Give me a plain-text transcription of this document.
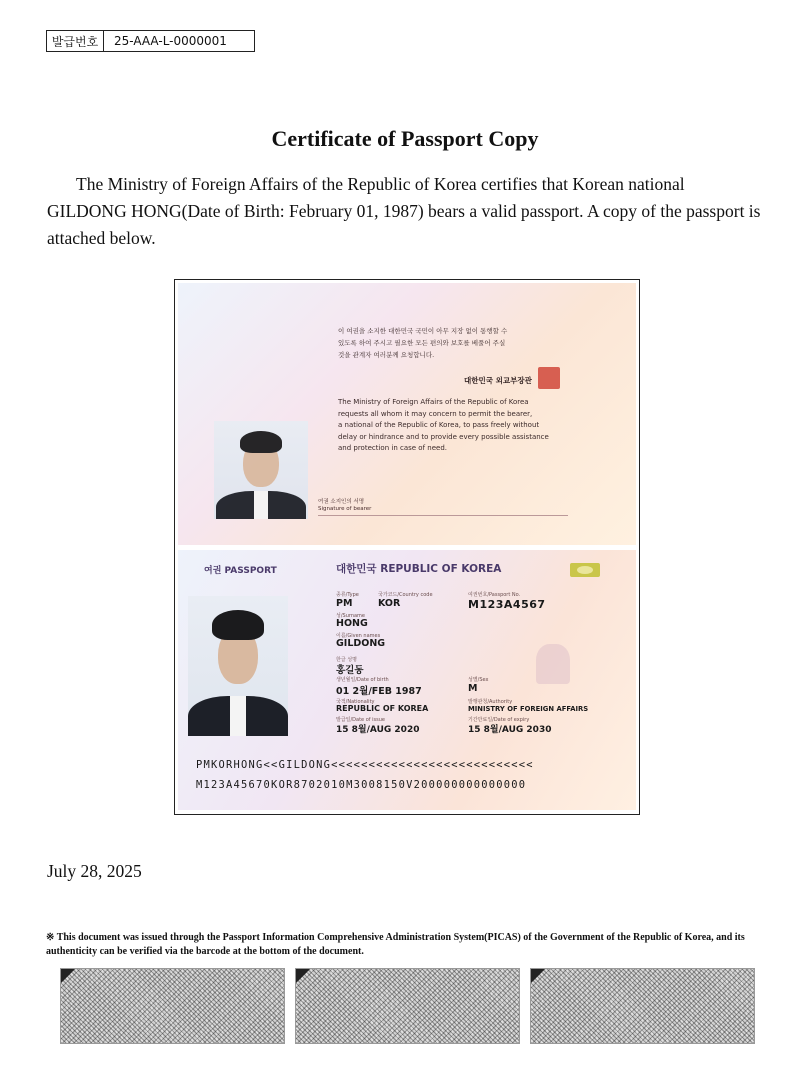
발급번호	25-AAA-L-0000001
Certificate of Passport Copy

The Ministry of Foreign Affairs of the Republic of Korea certifies that Korean national GILDONG HONG(Date of Birth: February 01, 1987) bears a valid passport. A copy of the passport is attached below.

이 여권을 소지한 대한민국 국민이 아무 지장 없이 통행할 수
있도록 하여 주시고 필요한 모든 편의와 보호를 베풀어 주실
것을 관계자 여러분께 요청합니다.
대한민국 외교부장관
The Ministry of Foreign Affairs of the Republic of Korea
requests all whom it may concern to permit the bearer,
a national of the Republic of Korea, to pass freely without
delay or hindrance and to provide every possible assistance
and protection in case of need.
여권 소지인의 서명
Signature of bearer
여권 PASSPORT	대한민국 REPUBLIC OF KOREA
종류/Type
PM
국가코드/Country code
KOR
여권번호/Passport No.
M123A4567
성/Surname
HONG
이름/Given names
GILDONG
한글 성명
홍길동
생년월일/Date of birth
01 2월/FEB 1987
성별/Sex
M
국적/Nationality
REPUBLIC OF KOREA
발행관청/Authority
MINISTRY OF FOREIGN AFFAIRS
발급일/Date of issue
15 8월/AUG 2020
기간만료일/Date of expiry
15 8월/AUG 2030
PMKORHONG<<GILDONG<<<<<<<<<<<<<<<<<<<<<<<<<<<
M123A45670KOR8702010M3008150V200000000000000
July 28, 2025
※ This document was issued through the Passport Information Comprehensive Administration System(PICAS) of the Government of the Republic of Korea, and its authenticity can be verified via the barcode at the bottom of the document.
